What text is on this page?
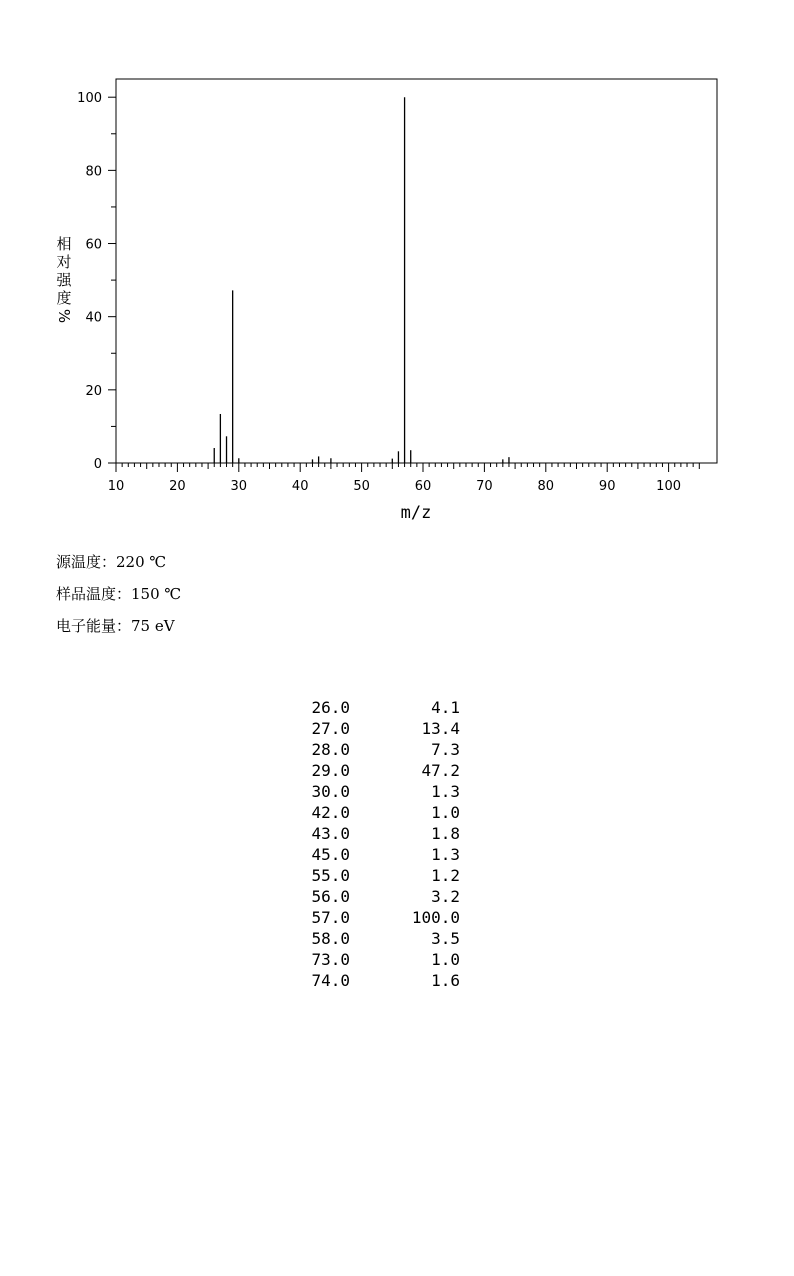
0
20
40
60
80
100
10	20	30	40	50	60	70	80	90	100
m/z
相
对
强
度
%
源温度：220 ℃
样品温度：150 ℃
电子能量：75 eV
26.0	4.1
27.0	13.4
28.0	7.3
29.0	47.2
30.0	1.3
42.0	1.0
43.0	1.8
45.0	1.3
55.0	1.2
56.0	3.2
57.0	100.0
58.0	3.5
73.0	1.0
74.0	1.6
